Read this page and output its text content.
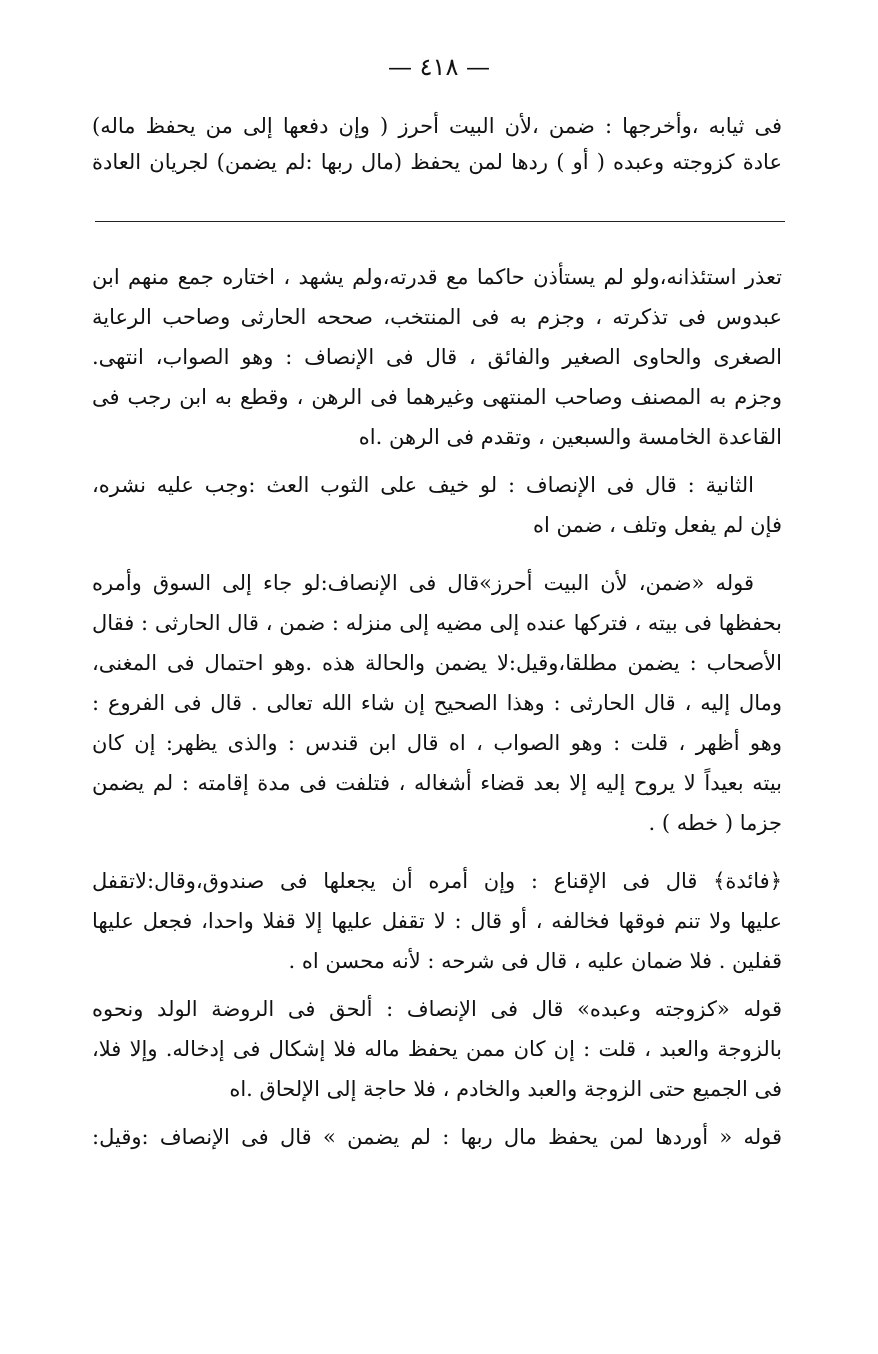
— ٤١٨ —
فى ثيابه ،وأخرجها : ضمن ،لأن البيت أحرز ( وإن دفعها إلى من يحفظ ماله)
عادة كزوجته وعبده ( أو ) ردها لمن يحفظ (مال ربها :لم يضمن) لجريان العادة
تعذر استئذانه،ولو لم يستأذن حاكما مع قدرته،ولم يشهد ، اختاره جمع منهم ابن
عبدوس فى تذكرته ، وجزم به فى المنتخب، صححه الحارثى وصاحب الرعاية
الصغرى والحاوى الصغير والفائق ، قال فى الإنصاف : وهو الصواب، انتهى.
وجزم به المصنف وصاحب المنتهى وغيرهما فى الرهن ، وقطع به ابن رجب فى
القاعدة الخامسة والسبعين ، وتقدم فى الرهن .اه
الثانية : قال فى الإنصاف : لو خيف على الثوب العث :وجب عليه نشره،
فإن لم يفعل وتلف ، ضمن اه
قوله «ضمن، لأن البيت أحرز»قال فى الإنصاف:لو جاء إلى السوق وأمره
بحفظها فى بيته ، فتركها عنده إلى مضيه إلى منزله : ضمن ، قال الحارثى : فقال
الأصحاب : يضمن مطلقا،وقيل:لا يضمن والحالة هذه .وهو احتمال فى المغنى،
ومال إليه ، قال الحارثى : وهذا الصحيح إن شاء الله تعالى . قال فى الفروع :
وهو أظهر ، قلت : وهو الصواب ، اه قال ابن قندس : والذى يظهر: إن كان
بيته بعيداً لا يروح إليه إلا بعد قضاء أشغاله ، فتلفت فى مدة إقامته : لم يضمن
جزما ( خطه ) .
﴿فائدة﴾ قال فى الإقناع : وإن أمره أن يجعلها فى صندوق،وقال:لاتقفل
عليها ولا تنم فوقها فخالفه ، أو قال : لا تقفل عليها إلا قفلا واحدا، فجعل عليها
قفلين . فلا ضمان عليه ، قال فى شرحه : لأنه محسن اه .
قوله «كزوجته وعبده» قال فى الإنصاف : ألحق فى الروضة الولد ونحوه
بالزوجة والعبد ، قلت : إن كان ممن يحفظ ماله فلا إشكال فى إدخاله. وإلا فلا،
فى الجميع حتى الزوجة والعبد والخادم ، فلا حاجة إلى الإلحاق .اه
قوله « أوردها لمن يحفظ مال ربها : لم يضمن » قال فى الإنصاف :وقيل:
